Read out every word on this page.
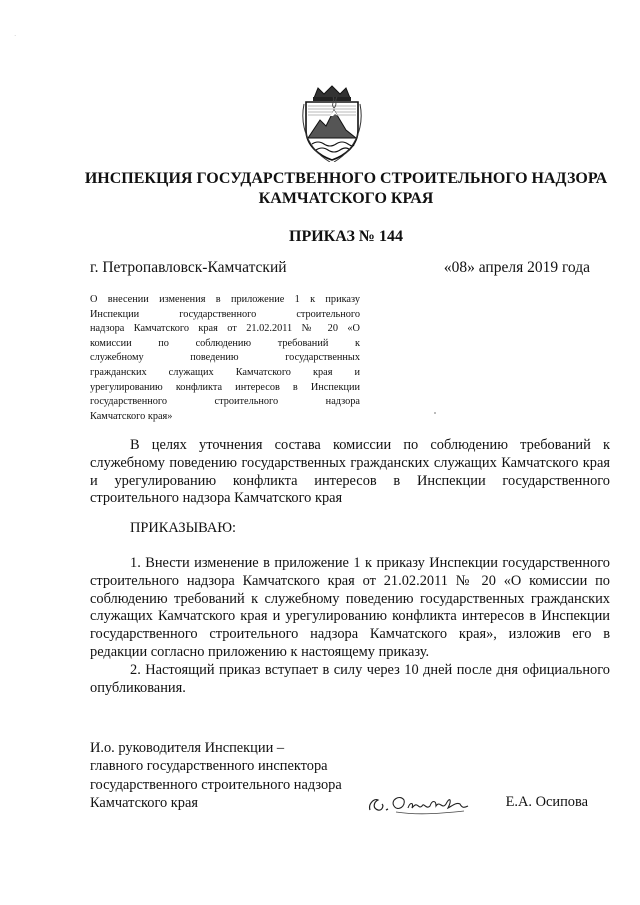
·
ИНСПЕКЦИЯ ГОСУДАРСТВЕННОГО СТРОИТЕЛЬНОГО НАДЗОРА
КАМЧАТСКОГО КРАЯ
ПРИКАЗ № 144
г. Петропавловск-Камчатский	«08» апреля 2019 года
О внесении изменения в приложение 1 к приказу
Инспекции государственного строительного
надзора Камчатского края от 21.02.2011 № 20 «О
комиссии по соблюдению требований к
служебному поведению государственных
гражданских служащих Камчатского края и
урегулированию конфликта интересов в Инспекции
государственного строительного надзора
Камчатского края»
В целях уточнения состава комиссии по соблюдению требований к служебному поведению государственных гражданских служащих Камчатского края и урегулированию конфликта интересов в Инспекции государственного строительного надзора Камчатского края
ПРИКАЗЫВАЮ:
1. Внести изменение в приложение 1 к приказу Инспекции государственного строительного надзора Камчатского края от 21.02.2011 № 20 «О комиссии по соблюдению требований к служебному поведению государственных гражданских служащих Камчатского края и урегулированию конфликта интересов в Инспекции государственного строительного надзора Камчатского края», изложив его в редакции согласно приложению к настоящему приказу.
2. Настоящий приказ вступает в силу через 10 дней после дня официального опубликования.
И.о. руководителя Инспекции –
главного государственного инспектора
государственного строительного надзора
Камчатского края	Е.А. Осипова
